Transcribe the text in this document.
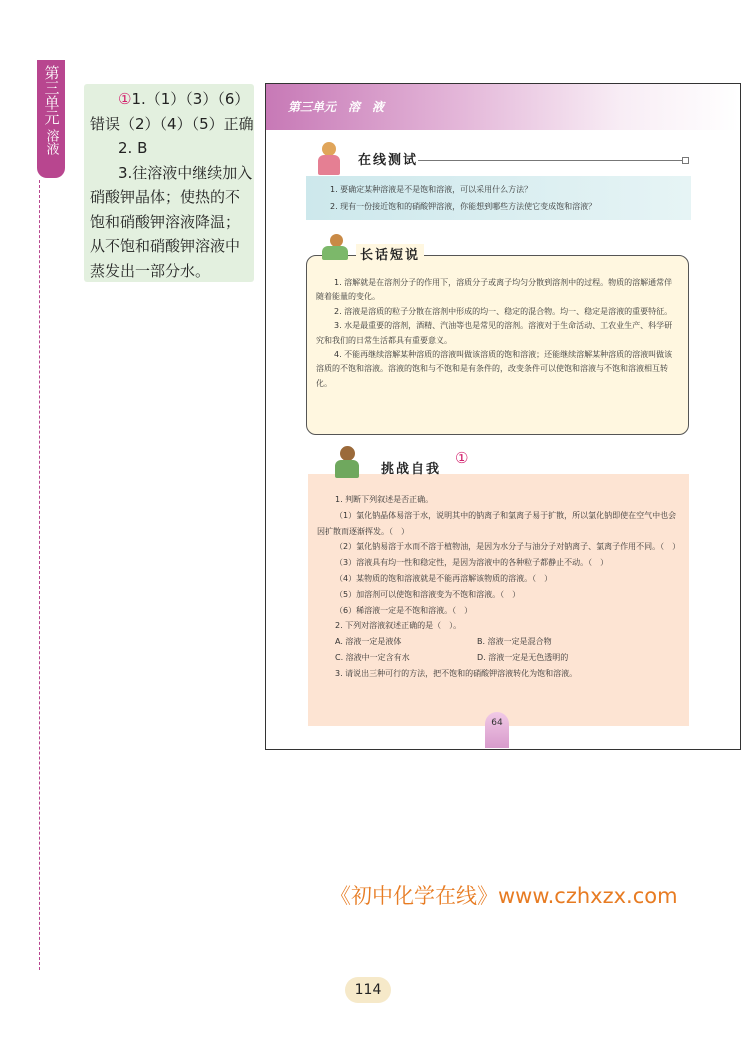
第三单元
溶液

①1.（1）（3）（6）错误（2）（4）（5）正确

2. B

3.往溶液中继续加入硝酸钾晶体；使热的不饱和硝酸钾溶液降温；从不饱和硝酸钾溶液中蒸发出一部分水。

第三单元　溶　液
在线测试
1. 要确定某种溶液是不是饱和溶液，可以采用什么方法？
2. 现有一份接近饱和的硝酸钾溶液，你能想到哪些方法使它变成饱和溶液？

1. 溶解就是在溶剂分子的作用下，溶质分子或离子均匀分散到溶剂中的过程。物质的溶解通常伴随着能量的变化。

2. 溶液是溶质的粒子分散在溶剂中形成的均一、稳定的混合物。均一、稳定是溶液的重要特征。

3. 水是最重要的溶剂，酒精、汽油等也是常见的溶剂。溶液对于生命活动、工农业生产、科学研究和我们的日常生活都具有重要意义。

4. 不能再继续溶解某种溶质的溶液叫做该溶质的饱和溶液；还能继续溶解某种溶质的溶液叫做该溶质的不饱和溶液。溶液的饱和与不饱和是有条件的，改变条件可以使饱和溶液与不饱和溶液相互转化。

长话短说

1. 判断下列叙述是否正确。

（1）氯化钠晶体易溶于水，说明其中的钠离子和氯离子易于扩散，所以氯化钠即使在空气中也会因扩散而逐渐挥发。（　）

（2）氯化钠易溶于水而不溶于植物油，是因为水分子与油分子对钠离子、氯离子作用不同。（　）

（3）溶液具有均一性和稳定性，是因为溶液中的各种粒子都静止不动。（　）

（4）某物质的饱和溶液就是不能再溶解该物质的溶液。（　）

（5）加溶剂可以使饱和溶液变为不饱和溶液。（　）

（6）稀溶液一定是不饱和溶液。（　）

2. 下列对溶液叙述正确的是（　）。

A. 溶液一定是液体	B. 溶液一定是混合物
C. 溶液中一定含有水	D. 溶液一定是无色透明的

3. 请说出三种可行的方法，把不饱和的硝酸钾溶液转化为饱和溶液。

挑战自我
①
64
《初中化学在线》www.czhxzx.com
114
